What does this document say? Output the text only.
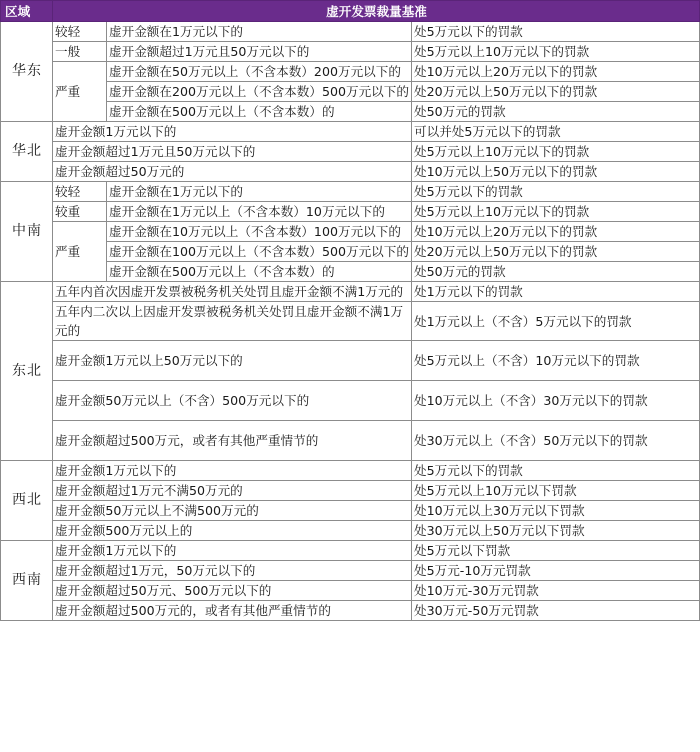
区域	虚开发票裁量基准		
华东	较轻	虚开金额在1万元以下的	处5万元以下的罚款
	一般	虚开金额超过1万元且50万元以下的	处5万元以上10万元以下的罚款
	严重	虚开金额在50万元以上（不含本数）200万元以下的	处10万元以上20万元以下的罚款
		虚开金额在200万元以上（不含本数）500万元以下的	处20万元以上50万元以下的罚款
		虚开金额在500万元以上（不含本数）的	处50万元的罚款
华北	虚开金额1万元以下的		可以并处5万元以下的罚款
	虚开金额超过1万元且50万元以下的		处5万元以上10万元以下的罚款
	虚开金额超过50万元的		处10万元以上50万元以下的罚款
中南	较轻	虚开金额在1万元以下的	处5万元以下的罚款
	较重	虚开金额在1万元以上（不含本数）10万元以下的	处5万元以上10万元以下的罚款
	严重	虚开金额在10万元以上（不含本数）100万元以下的	处10万元以上20万元以下的罚款
		虚开金额在100万元以上（不含本数）500万元以下的	处20万元以上50万元以下的罚款
		虚开金额在500万元以上（不含本数）的	处50万元的罚款
东北	五年内首次因虚开发票被税务机关处罚且虚开金额不满1万元的		处1万元以下的罚款
	五年内二次以上因虚开发票被税务机关处罚且虚开金额不满1万元的		处1万元以上（不含）5万元以下的罚款
	虚开金额1万元以上50万元以下的		处5万元以上（不含）10万元以下的罚款
	虚开金额50万元以上（不含）500万元以下的		处10万元以上（不含）30万元以下的罚款
	虚开金额超过500万元，或者有其他严重情节的		处30万元以上（不含）50万元以下的罚款
西北	虚开金额1万元以下的		处5万元以下的罚款
	虚开金额超过1万元不满50万元的		处5万元以上10万元以下罚款
	虚开金额50万元以上不满500万元的		处10万元以上30万元以下罚款
	虚开金额500万元以上的		处30万元以上50万元以下罚款
西南	虚开金额1万元以下的		处5万元以下罚款
	虚开金额超过1万元，50万元以下的		处5万元-10万元罚款
	虚开金额超过50万元、500万元以下的		处10万元-30万元罚款
	虚开金额超过500万元的，或者有其他严重情节的		处30万元-50万元罚款
